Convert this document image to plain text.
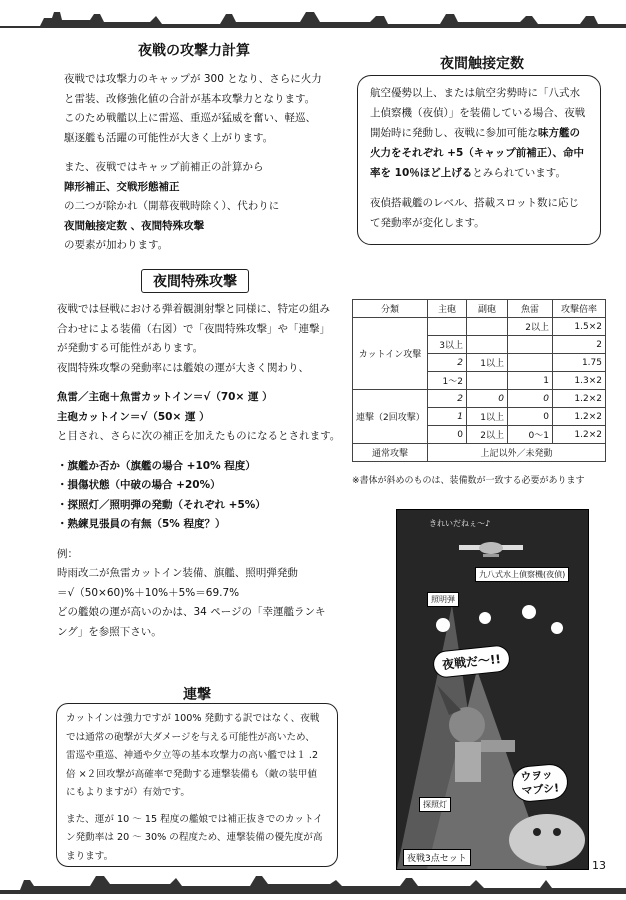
夜戦の攻撃力計算

夜戦では攻撃力のキャップが 300 となり、さらに火力

と雷装、改修強化値の合計が基本攻撃力となります。

このため戦艦以上に雷巡、重巡が猛威を奮い、軽巡、

駆逐艦も活躍の可能性が大きく上がります。

また、夜戦ではキャップ前補正の計算から

陣形補正、交戦形態補正

の二つが除かれ（開幕夜戦時除く）、代わりに

夜間触接定数 、夜間特殊攻撃

の要素が加わります。

夜間触接定数

航空優勢以上、または航空劣勢時に「八式水

上偵察機（夜偵）」を装備している場合、夜戦

開始時に発動し、夜戦に参加可能な味方艦の

火力をそれぞれ +5（キャップ前補正）、命中

率を 10％ほど上げるとみられています。

夜偵搭載艦のレベル、搭載スロット数に応じ

て発動率が変化します。

夜間特殊攻撃

夜戦では昼戦における弾着観測射撃と同様に、特定の組み

合わせによる装備（右図）で「夜間特殊攻撃」や「連撃」

が発動する可能性があります。

夜間特殊攻撃の発動率には艦娘の運が大きく関わり、

魚雷／主砲＋魚雷カットイン＝√（70× 運 ）

主砲カットイン＝√（50× 運 ）

と目され、さらに次の補正を加えたものになるとされます。

・旗艦か否か（旗艦の場合 +10% 程度）

・損傷状態（中破の場合 +20%）

・探照灯／照明弾の発動（それぞれ +5%）

・熟練見張員の有無（5% 程度？）

例：

時雨改二が魚雷カットイン装備、旗艦、照明弾発動

＝√（50×60)%＋10%＋5%＝69.7%

どの艦娘の運が高いのかは、34 ページの「幸運艦ランキ

ング」を参照下さい。

連撃

カットインは強力ですが 100% 発動する訳ではなく、夜戦

では通常の砲撃が大ダメージを与える可能性が高いため、

雷巡や重巡、神通や夕立等の基本攻撃力の高い艦では１ .2

倍 ×２回攻撃が高確率で発動する連撃装備も（敵の装甲値

にもよりますが）有効です。

また、運が 10 ～ 15 程度の艦娘では補正抜きでのカットイ

ン発動率は 20 ～ 30% の程度ため、連撃装備の優先度が高

まります。

分類	主砲	副砲	魚雷	攻撃倍率
カットイン攻撃			2以上	1.5×2
	3以上			2
	2	1以上		1.75
	1～2		1	1.3×2
連撃（2回攻撃）	2	0	0	1.2×2
	1	1以上	0	1.2×2
	0	2以上	0～1	1.2×2
通常攻撃	上記以外／未発動			
※書体が斜めのものは、装備数が一致する必要があります
きれいだねぇ〜♪
九八式水上偵察機(夜偵)
照明弾
夜戦だ～!!
探照灯
ウヲッ
マブシ!
夜戦3点セット	13
